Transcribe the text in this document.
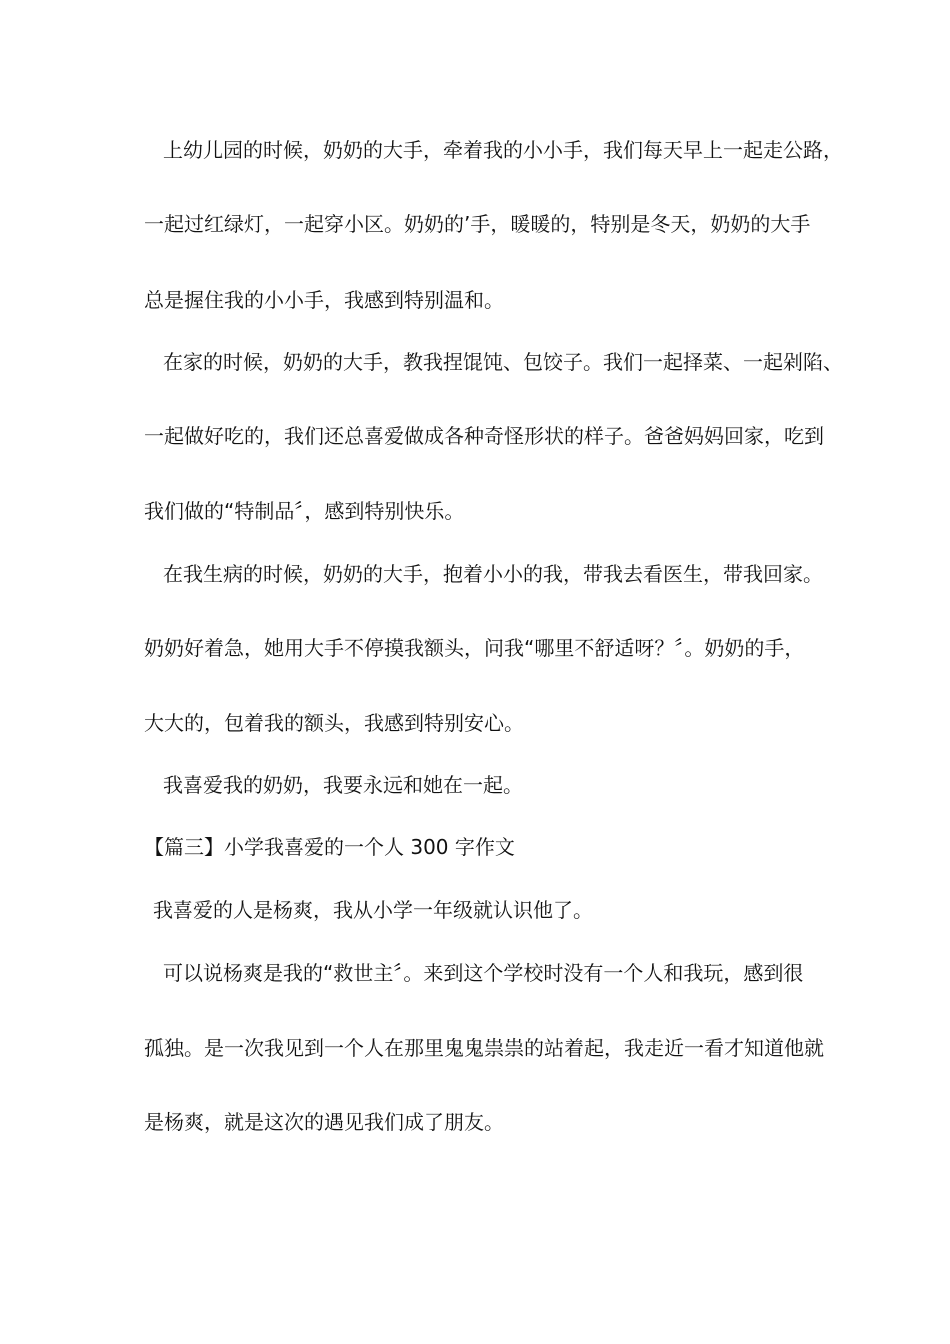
上幼儿园的时候，奶奶的大手，牵着我的小小手，我们每天早上一起走公路，

一起过红绿灯，一起穿小区。奶奶的’手，暖暖的，特别是冬天，奶奶的大手

总是握住我的小小手，我感到特别温和。

在家的时候，奶奶的大手，教我捏馄饨、包饺子。我们一起择菜、一起剁陷、

一起做好吃的，我们还总喜爱做成各种奇怪形状的样子。爸爸妈妈回家，吃到

我们做的“特制品〞，感到特别快乐。

在我生病的时候，奶奶的大手，抱着小小的我，带我去看医生，带我回家。

奶奶好着急，她用大手不停摸我额头，问我“哪里不舒适呀？〞。奶奶的手，

大大的，包着我的额头，我感到特别安心。

我喜爱我的奶奶，我要永远和她在一起。

【篇三】小学我喜爱的一个人 300 字作文

我喜爱的人是杨爽，我从小学一年级就认识他了。

可以说杨爽是我的“救世主〞。来到这个学校时没有一个人和我玩，感到很

孤独。是一次我见到一个人在那里鬼鬼祟祟的站着起，我走近一看才知道他就

是杨爽，就是这次的遇见我们成了朋友。
